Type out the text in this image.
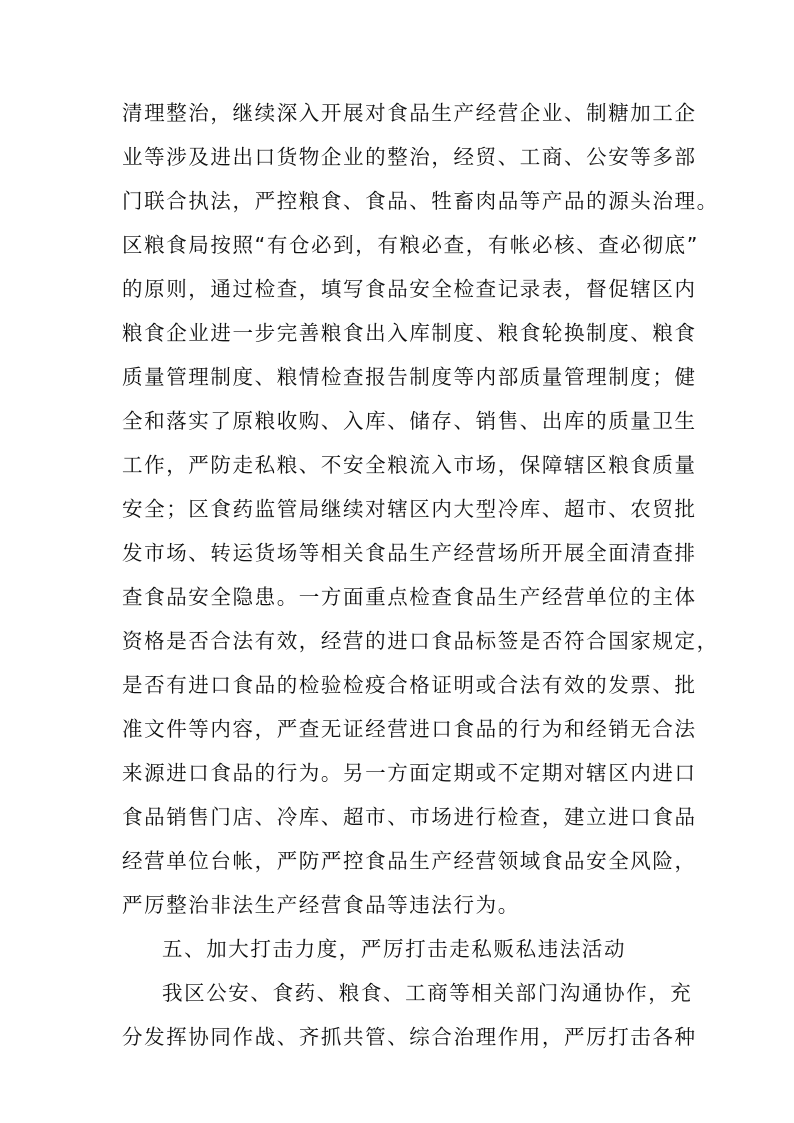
清理整治，继续深入开展对食品生产经营企业、制糖加工企
业等涉及进出口货物企业的整治，经贸、工商、公安等多部
门联合执法，严控粮食、食品、牲畜肉品等产品的源头治理。
区粮食局按照“有仓必到，有粮必查，有帐必核、查必彻底”
的原则，通过检查，填写食品安全检查记录表，督促辖区内
粮食企业进一步完善粮食出入库制度、粮食轮换制度、粮食
质量管理制度、粮情检查报告制度等内部质量管理制度；健
全和落实了原粮收购、入库、储存、销售、出库的质量卫生
工作，严防走私粮、不安全粮流入市场，保障辖区粮食质量
安全；区食药监管局继续对辖区内大型冷库、超市、农贸批
发市场、转运货场等相关食品生产经营场所开展全面清查排
查食品安全隐患。一方面重点检查食品生产经营单位的主体
资格是否合法有效，经营的进口食品标签是否符合国家规定，
是否有进口食品的检验检疫合格证明或合法有效的发票、批
准文件等内容，严查无证经营进口食品的行为和经销无合法
来源进口食品的行为。另一方面定期或不定期对辖区内进口
食品销售门店、冷库、超市、市场进行检查，建立进口食品
经营单位台帐，严防严控食品生产经营领域食品安全风险，
严厉整治非法生产经营食品等违法行为。
五、加大打击力度，严厉打击走私贩私违法活动
我区公安、食药、粮食、工商等相关部门沟通协作，充
分发挥协同作战、齐抓共管、综合治理作用，严厉打击各种
